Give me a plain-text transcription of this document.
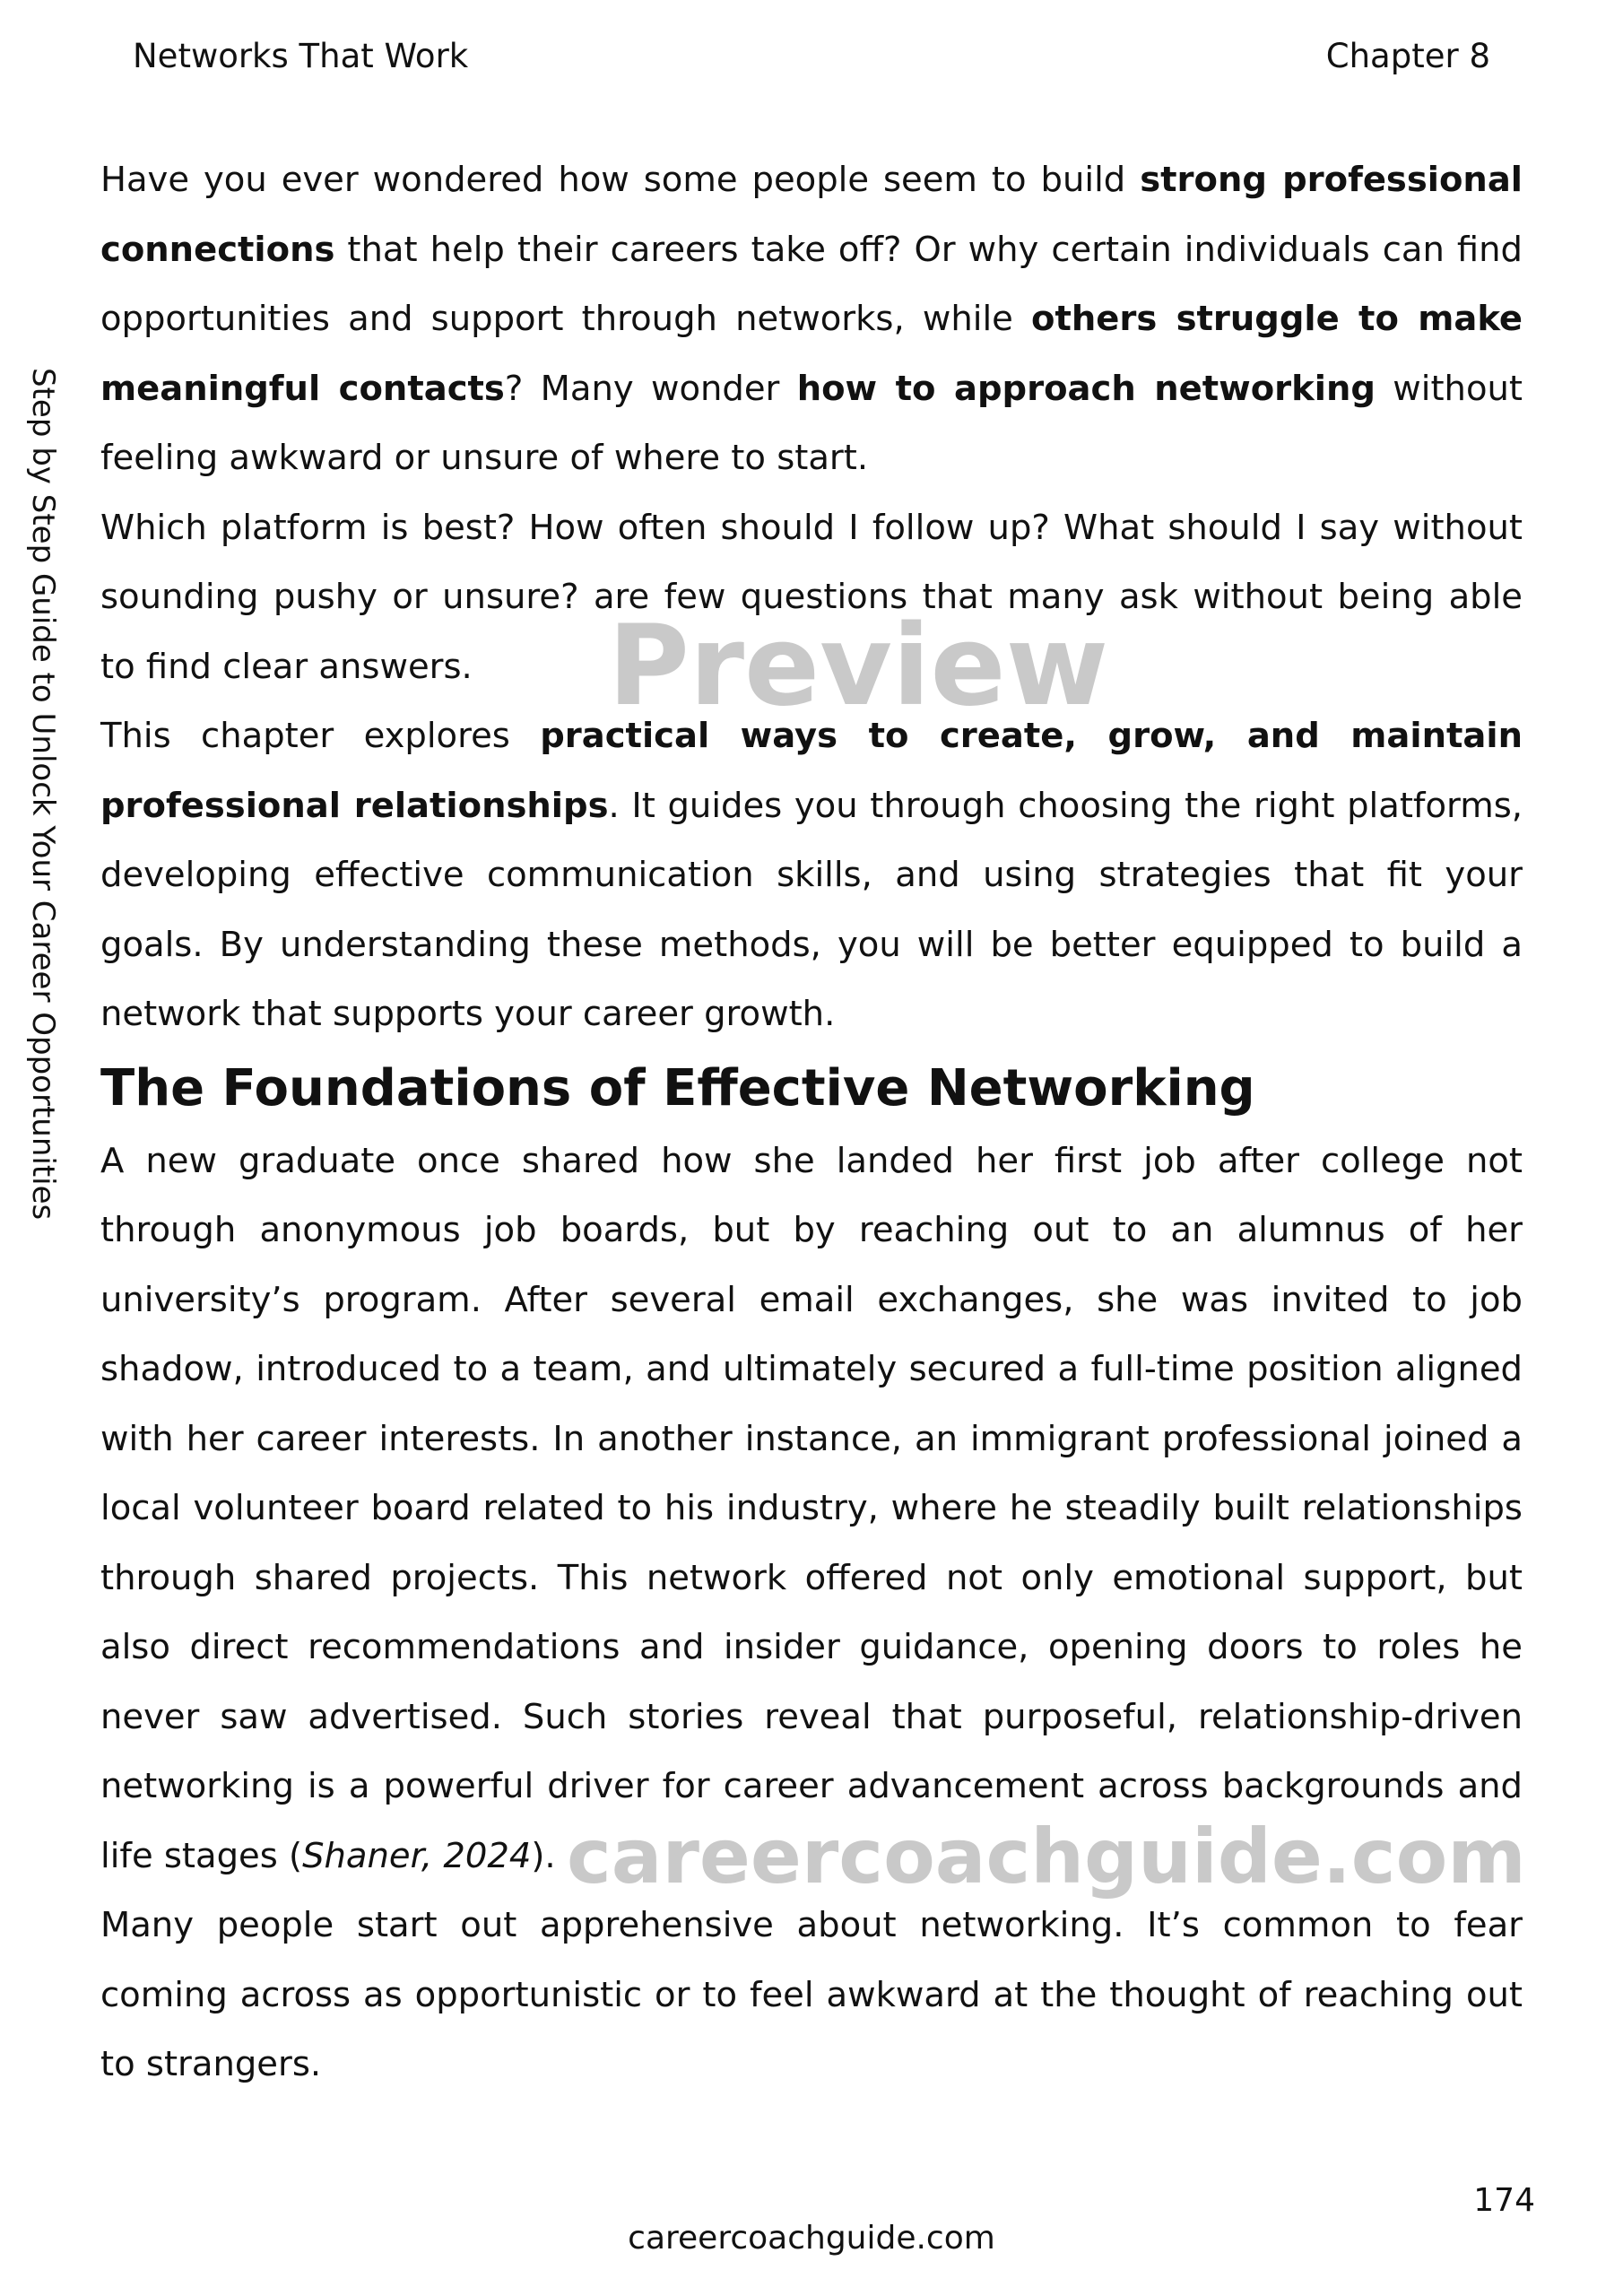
Networks That Work	Chapter 8

Have you ever wondered how some people seem to build strong professional connections that help their careers take off? Or why certain individuals can find opportunities and support through networks, while others struggle to make meaningful contacts? Many wonder how to approach networking without feeling awkward or unsure of where to start.

Which platform is best? How often should I follow up? What should I say without sounding pushy or unsure? are few questions that many ask without being able to find clear answers.

This chapter explores practical ways to create, grow, and maintain professional relationships. It guides you through choosing the right platforms, developing effective communication skills, and using strategies that fit your goals. By understanding these methods, you will be better equipped to build a network that supports your career growth.

The Foundations of Effective Networking

A new graduate once shared how she landed her first job after college not through anonymous job boards, but by reaching out to an alumnus of her university’s program. After several email exchanges, she was invited to job shadow, introduced to a team, and ultimately secured a full-time position aligned with her career interests. In another instance, an immigrant professional joined a local volunteer board related to his industry, where he steadily built relationships through shared projects. This network offered not only emotional support, but also direct recommendations and insider guidance, opening doors to roles he never saw advertised. Such stories reveal that purposeful, relationship-driven networking is a powerful driver for career advancement across backgrounds and life stages (Shaner, 2024).

Many people start out apprehensive about networking. It’s common to fear coming across as opportunistic or to feel awkward at the thought of reaching out to strangers.

Preview
careercoachguide.com
Step by Step Guide to Unlock Your Career Opportunities
174
careercoachguide.com
